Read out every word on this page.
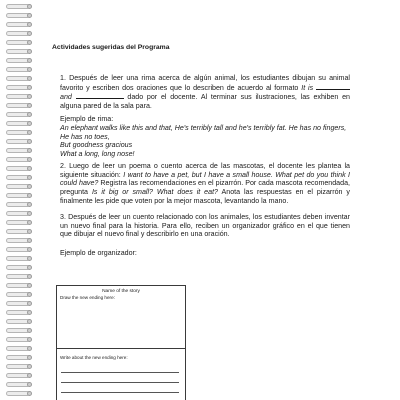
Actividades sugeridas del Programa

1. Después de leer una rima acerca de algún animal, los estudiantes dibujan su animal favorito y escriben dos oraciones que lo describen de acuerdo al formato It is  and	dado por el docente. Al terminar sus ilustraciones, las exhiben en alguna pared de la sala para.

Ejemplo de rima:
An elephant walks like this and that, He's terribly tall and he's terribly fat. He has no fingers,
He has no toes,
But goodness gracious
What a long, long nose!

2. Luego de leer un poema o cuento acerca de las mascotas, el docente les plantea la siguiente situación: I want to have a pet, but I have a small house. What pet do you think I could have? Registra las recomendaciones en el pizarrón. Por cada mascota recomendada, pregunta Is it big or small? What does it eat? Anota las respuestas en el pizarrón y finalmente les pide que voten por la mejor mascota, levantando la mano.

3. Después de leer un cuento relacionado con los animales, los estudiantes deben inventar un nuevo final para la historia. Para ello, reciben un organizador gráfico en el que tienen que dibujar el nuevo final y describirlo en una oración.

Ejemplo de organizador:
Name of the story
Draw the new ending here:
Write about the new ending here:
